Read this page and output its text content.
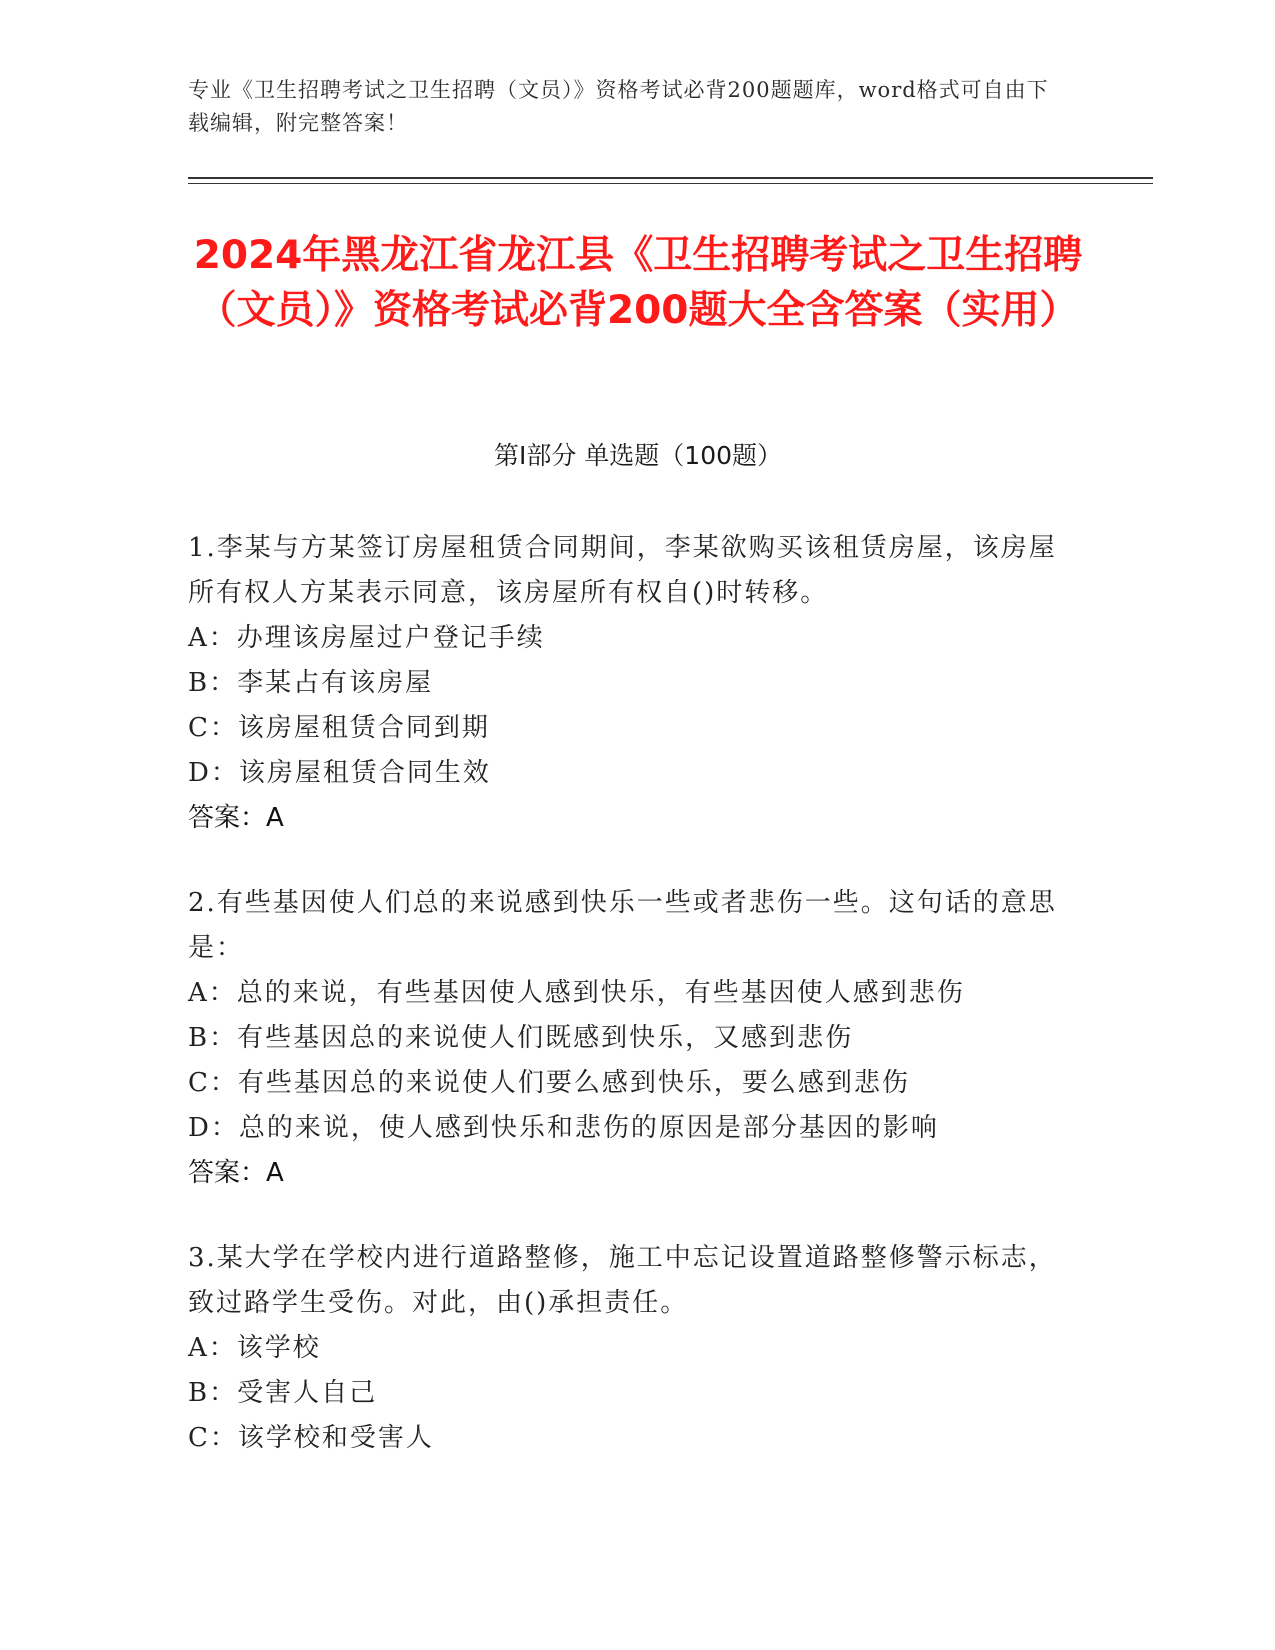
专业《卫生招聘考试之卫生招聘（文员）》资格考试必背200题题库，word格式可自由下载编辑，附完整答案！
2024年黑龙江省龙江县《卫生招聘考试之卫生招聘（文员）》资格考试必背200题大全含答案（实用）
第I部分 单选题（100题）

1.李某与方某签订房屋租赁合同期间，李某欲购买该租赁房屋，该房屋所有权人方某表示同意，该房屋所有权自()时转移。

A：办理该房屋过户登记手续

B：李某占有该房屋

C：该房屋租赁合同到期

D：该房屋租赁合同生效

答案：A

2.有些基因使人们总的来说感到快乐一些或者悲伤一些。这句话的意思是：

A：总的来说，有些基因使人感到快乐，有些基因使人感到悲伤

B：有些基因总的来说使人们既感到快乐，又感到悲伤

C：有些基因总的来说使人们要么感到快乐，要么感到悲伤

D：总的来说，使人感到快乐和悲伤的原因是部分基因的影响

答案：A

3.某大学在学校内进行道路整修，施工中忘记设置道路整修警示标志，致过路学生受伤。对此，由()承担责任。

A：该学校

B：受害人自己

C：该学校和受害人
